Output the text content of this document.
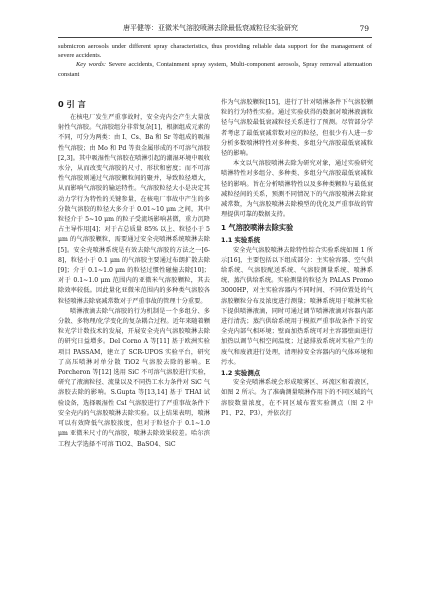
唐平健等：亚微米气溶胶喷淋去除最低衰减粒径实验研究	79

submicron aerosols under different spray characteristics, thus providing reliable data support for the management of severe accidents.

Key words: Severe accidents, Containment spray system, Multi-component aerosols, Spray removal attenuation constant

0 引 言

在核电厂发生严重事故时，安全壳内会产生大量放射性气溶胶。气溶胶组分非常复杂[1]，根据组成元素的不同，可分为两类：由 I、Cs、Ba 和 Sr 等组成的吸湿性气溶胶；由 Mo 和 Pd 等贵金属形成的不可溶气溶胶[2,3]。其中吸湿性气溶胶在喷淋引起的潮湿环境中吸收水分，从而改变气溶胶的尺寸、形状和密度；而不可溶性气溶胶则通过气溶胶颗粒间的聚并，导致粒径增大，从而影响气溶胶的输运特性。气溶胶粒径大小是决定其动力学行为特性的关键参量，在核电厂事故中产生的多分散气溶胶的粒径大多介于 0.01~10 μm 之间，其中粒径介于 5~10 μm 的粒子受流场影响甚微，重力沉降占主导作用[4]；对于占总质量 85% 以上、粒径小于 5 μm 的气溶胶颗粒，需要通过安全壳喷淋系统喷淋去除[5]。安全壳喷淋系统是有效去除气溶胶的方法之一[6-8]，粒径小于 0.1 μm 的气溶胶主要通过布朗扩散去除[9]；介于 0.1~1.0 μm 的粒径过惯性碰撞去除[10]；对于 0.1~1.0 μm 范围内的亚微米气溶胶颗粒，其去除效率较低。因此量化亚微米范围内的多种类气溶胶各粒径喷淋去除衰减常数对于严重事故的管理十分重要。

喷淋液滴去除气溶胶的行为机制是一个多组分、多分散、多物理/化学变化的复杂耦合过程。近年来随着颗粒光学计数技术的发展，开展安全壳内气溶胶喷淋去除的研究日益增多。Del Corno A 等[11] 基于欧洲实验项目 PASSAM，建立了 SCR-UPOS 实验平台，研究了高压喷淋对单分散 TiO2 气溶胶去除的影响。E Porcheron 等[12] 选用 SiC 不可溶气溶胶进行实验，研究了液滴粒径、流量以及不同热工水力条件对 SiC 气溶胶去除的影响。S.Gupta 等[13,14] 基于 THAI 试验设备，选择吸湿性 CsI 气溶胶进行了严重事故条件下安全壳内的气溶胶喷淋去除实验。以上结果表明，喷淋可以有效降低气溶胶浓度，但对于粒径介于 0.1~1.0 μm 亚微米尺寸的气溶胶，喷淋去除效果较差。哈尔滨工程大学选择不可溶 TiO2、BaSO4、SiC

作为气溶胶颗粒[15]，进行了针对喷淋条件下气溶胶颗粒的行为特性实验。通过实验获得的数据对喷淋液滴粒径与气溶胶最低衰减粒径关系进行了预测。尽管部分学者考虑了最低衰减常数对应的粒径，但很少有人进一步分析多数喷淋特性对多种类、多组分气溶胶最低衰减粒径的影响。

本文以气溶胶喷淋去除为研究对象，通过实验研究喷淋特性对多组分、多种类、多组分气溶胶最低衰减粒径的影响。旨在分析喷淋特性以及多种类颗粒与最低衰减粒径间的关系，预测不同情况下的气溶胶喷淋去除衰减常数，为气溶胶喷淋去除模型的优化及严重事故的管理提供可靠的数据支持。

1 气溶胶喷淋去除实验
1.1 实验系统

安全壳气溶胶喷淋去除特性综合实验系统如图 1 所示[16]，主要包括以下组成部分：主实验容器、空气供给系统、气溶胶配送系统、气溶胶测量系统、喷淋系统、蒸汽供给系统。实验测量的粒径为 PALAS Promo 3000HP，对主实验容器内不同时间、不同位置处的气溶胶颗粒分布及浓度进行测量；喷淋系统用于喷淋实验下提供喷淋液滴，同时可通过调节喷淋液滴对容器内部进行清洗；蒸汽供给系统用于模拟严重事故条件下的安全壳内部气相环境；壁面加热系统可对主容器壁面进行加热以调节气相空间温度；过滤排放系统对实验产生的废气和废液进行处理，清理掉安全容器内的气体环境和污水。

1.2 实验测点

安全壳喷淋系统会形成喷雾区、环流区和着液区，如图 2 所示。为了准确测量喷淋作用下的不同区域的气溶胶数量浓度，在不同区域布置实验测点（图 2 中 P1、P2、P3），并依次打
